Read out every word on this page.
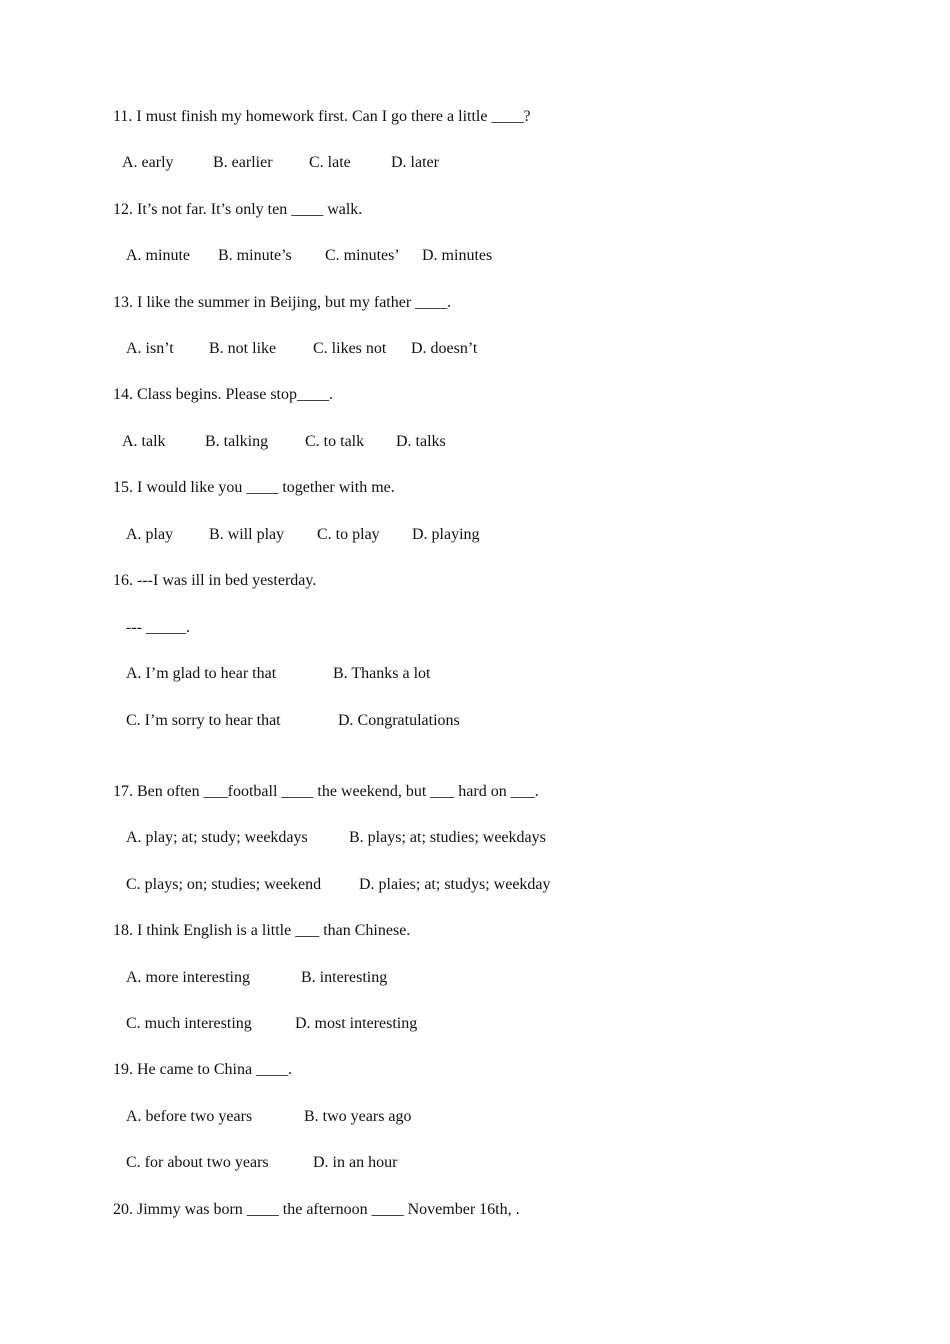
11. I must finish my homework first. Can I go there a little ____?
A. early B. earlier C. late	D. later
12. It’s not far. It’s only ten ____ walk.
A. minute B. minute’s C. minutes’ D. minutes
13. I like the summer in Beijing, but my father ____.
A. isn’t B. not like C. likes not D. doesn’t
14. Class begins. Please stop____.
A. talk B. talking C. to talk D. talks
15. I would like you ____ together with me.
A. play B. will play C. to play D. playing
16. ---I was ill in bed yesterday.
--- _____.
A. I’m glad to hear that	B. Thanks a lot
C. I’m sorry to hear that	D. Congratulations
17. Ben often ___football ____ the weekend, but ___ hard on ___.
A. play; at; study; weekdays	B. plays; at; studies; weekdays
C. plays; on; studies; weekend D. plaies; at; studys; weekday
18. I think English is a little ___ than Chinese.
A. more interesting	B. interesting
C. much interesting	D. most interesting
19. He came to China ____.
A. before two years	B. two years ago
C. for about two years	D. in an hour
20. Jimmy was born ____ the afternoon ____ November 16th, .
